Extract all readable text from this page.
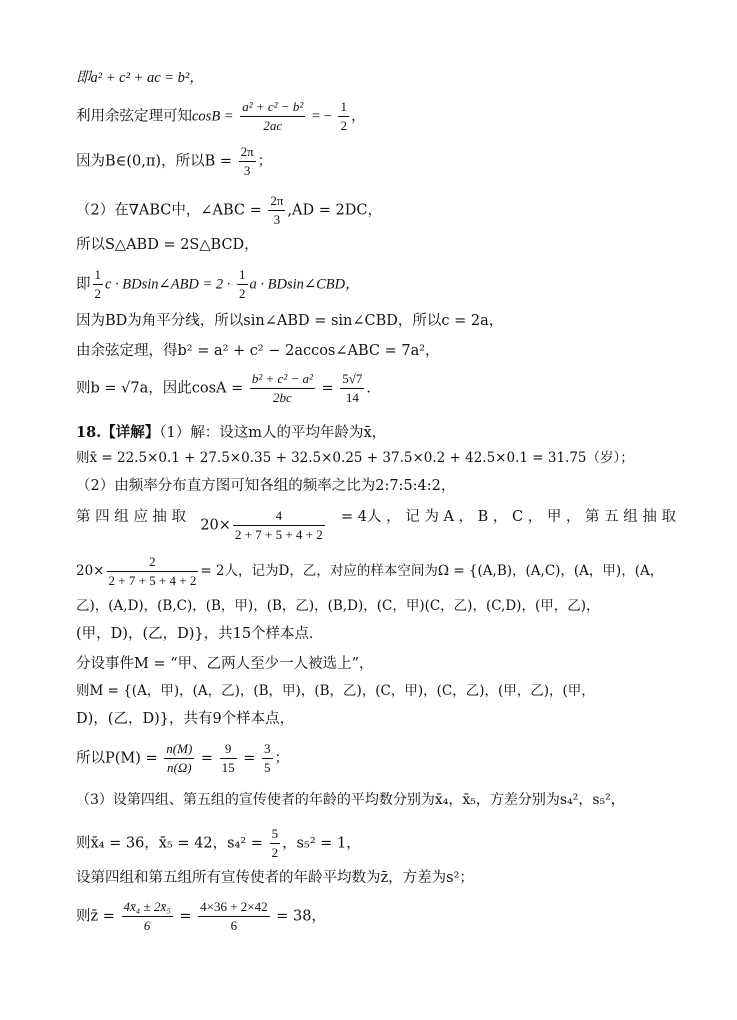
即a² + c² + ac = b²，
利用余弦定理可知$\cos B = \frac{\text{a² + c² − b²}}{2ac}$ = − $\frac{1}{2}$ ，
因为B∈(0,π)，所以$B = \frac{2\pi}{3}$ ；
（2）在∇ABC中，∠ABC = $\frac{2\pi}{3} ,AD = 2DC$，
所以S△ABD = 2S△BCD，
即 $\frac{1}{2}$ c · BDsin∠ABD = $2 \cdot \frac{1}{2}$ a · BDsin∠CBD，
因为BD为角平分线，所以sin∠ABD = sin∠CBD，所以c = 2a，
由余弦定理，得b² = a² + c² − 2accos∠ABC = 7a²，
则b = √7a，因此$\cos A = \frac{\text{b² + c² − a²}}{2bc} = \frac{5√7}{14}$ ．
18.【详解】（1）解：设这m人的平均年龄为x̄，
则x̄ = 22.5×0.1 + 27.5×0.35 + 32.5×0.25 + 37.5×0.2 + 42.5×0.1 = 31.75（岁）；
（2）由频率分布直方图可知各组的频率之比为2:7:5:4:2，
第 四 组 应 抽 取
$20\times \frac{4}{2 + 7 + 5 + 4 + 2} = 4$人 ， 记 为 A ， B ， C ， 甲 ， 第 五 组 抽 取
$20\times \frac{2}{2 + 7 + 5 + 4 + 2} = 2$人，记为D，乙，对应的样本空间为Ω = {(A,B)，(A,C)，(A，甲)，(A，
乙)，(A,D)，(B,C)，(B，甲)，(B，乙)，(B,D)，(C，甲)(C，乙)，(C,D)，(甲，乙)，
(甲，D)，(乙，D)}，共15个样本点．
分设事件M = “甲、乙两人至少一人被选上”，
则M = {(A，甲)，(A，乙)，(B，甲)，(B，乙)，(C，甲)，(C，乙)，(甲，乙)，(甲，
D)，(乙，D)}，共有9个样本点，
所以$P(M) = \frac{n(M)}{n(\Omega)} = \frac{9}{15} = \frac{3}{5}$ ；
（3）设第四组、第五组的宣传使者的年龄的平均数分别为x̄₄，x̄₅，方差分别为s₄²，s₅²，
则x̄₄ = 36，x̄₅ = 42，$s_4^2 = \frac{5}{2}$ ，s₅² = 1，
设第四组和第五组所有宣传使者的年龄平均数为z̄，方差为s²；
则z̄ = $\frac{\text{4x̄₄ ± 2x̄₅}}{6} = \frac{4\times 36 + 2\times 42}{6} = 38$，
